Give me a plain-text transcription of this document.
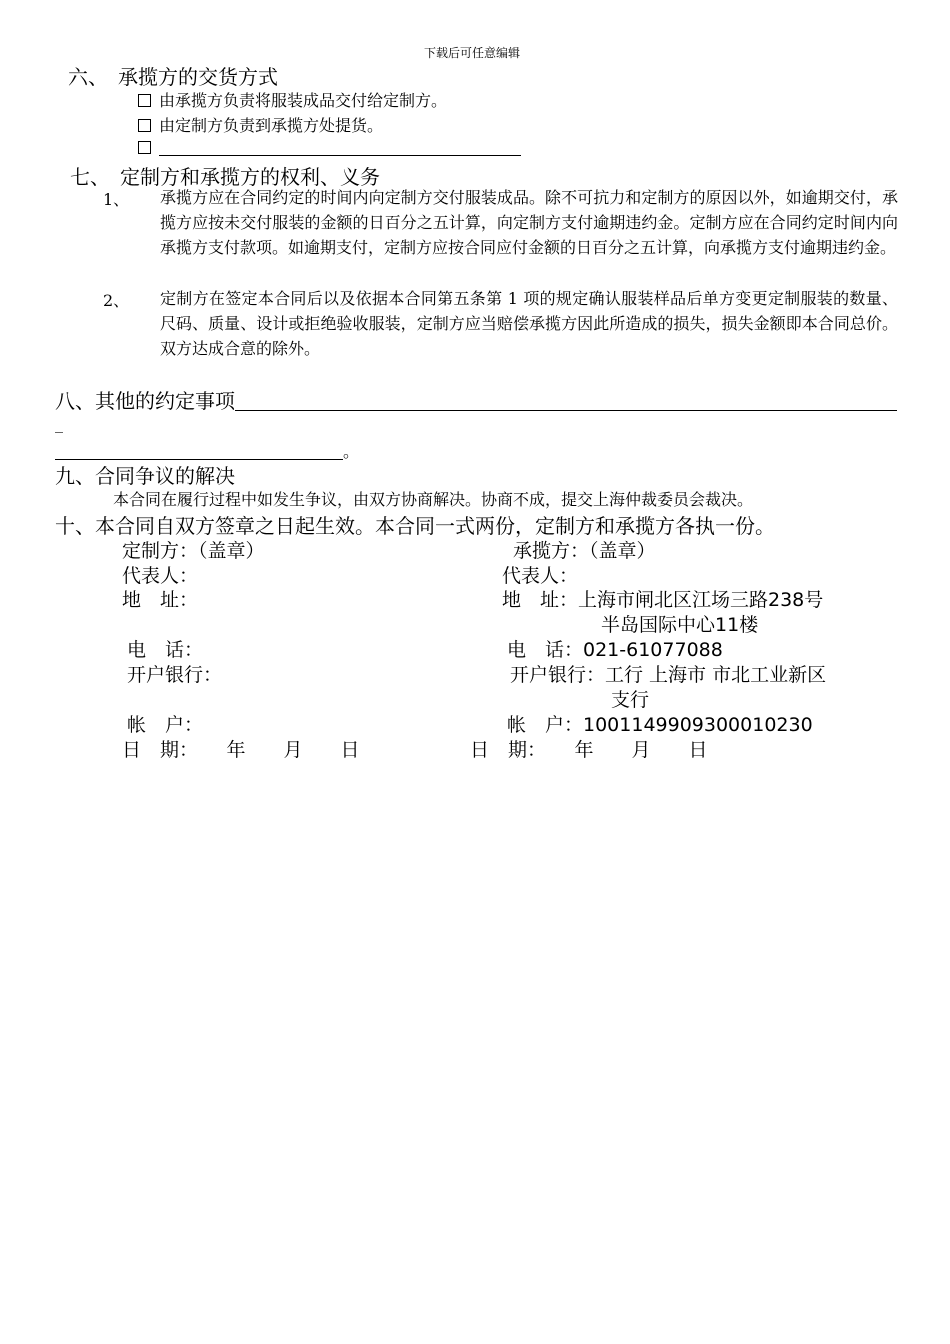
下载后可任意编辑
六、　承揽方的交货方式
由承揽方负责将服装成品交付给定制方。
由定制方负责到承揽方处提货。
七、　定制方和承揽方的权利、义务
1、 承揽方应在合同约定的时间内向定制方交付服装成品。除不可抗力和定制方的原因以外，如逾期交付，承揽方应按未交付服装的金额的日百分之五计算，向定制方支付逾期违约金。定制方应在合同约定时间内向承揽方支付款项。如逾期支付，定制方应按合同应付金额的日百分之五计算，向承揽方支付逾期违约金。
2、 定制方在签定本合同后以及依据本合同第五条第 1 项的规定确认服装样品后单方变更定制服装的数量、尺码、质量、设计或拒绝验收服装，定制方应当赔偿承揽方因此所造成的损失，损失金额即本合同总价。双方达成合意的除外。
八、其他的约定事项
_
。
九、合同争议的解决
本合同在履行过程中如发生争议，由双方协商解决。协商不成，提交上海仲裁委员会裁决。
十、本合同自双方签章之日起生效。本合同一式两份，定制方和承揽方各执一份。
定制方：（盖章）
代表人：
地　址：
电　话：
开户银行：
帐　户：
日　期：　　年　　月　　日
承揽方：（盖章）
代表人：
地　址：上海市闸北区江场三路238号
半岛国际中心11楼
电　话：021-61077088
开户银行：工行 上海市 市北工业新区
支行
帐　户：1001149909300010230
日　期：　　年　　月　　日
